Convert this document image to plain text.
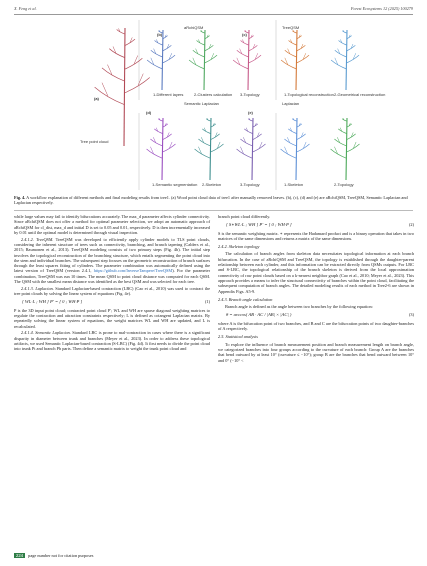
X. Feng et al.	Forest Ecosystems 12 (2025) 100279
(b)
aRchiQSM
(c)
TreeQSM
(a)
Semantic Laplacian	Laplacian
(d)	(e)
Tree point cloud
1-Different layers	2-Clusters calculation 3-Topology	1-Topological reconstruction 2-Geometrical reconstruction
1-Semantic segmentation 2-Skeleton	3-Topology	1-Skeleton	2-Topology
Fig. 4. A workflow explanation of different methods and final modeling results from tree1. (a) Wood point cloud data of tree1 after manually removed leaves. (b), (c), (d) and (e) are aRchiQSM, TreeQSM, Semantic Laplacian and Laplacian respectively.

while large values may fail to identify bifurcations accurately. The max_d parameter affects cylinder connectivity. Since aRchiQSM does not offer a method for optimal parameter selection, we adopt an automatic approach of aRchiQSM for cl_dist, max_d and initial D is set to 0.05 and 0.01, respectively. D is then incrementally increased by 0.01 until the optimal model is determined through visual inspection.

2.4.1.2. TreeQSM. TreeQSM was developed to efficiently apply cylinder models to TLS point clouds, considering the inherent structure of trees such as connectivity, branching, and branch tapering (Calders et al., 2015; Raumonen et al., 2013). TreeQSM modeling consists of two primary steps (Fig. 4b). The initial step involves the topological reconstruction of the branching structure, which entails segmenting the point cloud into the stem and individual branches. The subsequent step focuses on the geometric reconstruction of branch surfaces through the least squares fitting of cylinders. The parameter combination was automatically defined using the latest version of TreeQSM (version 2.4.1, https://github.com/InverseTampere/TreeQSM). For the parameter combination, TreeQSM was run 10 times. The mean QSM to point cloud distance was computed for each QSM. The QSM with the smallest mean distance was identified as the best QSM and was selected for each tree.

2.4.1.3. Laplacian. Standard Laplacian-based contraction (LBC) (Cao et al., 2010) was used to contract the tree point clouds by solving the linear system of equations (Fig. 4e).

[ WL·L ; WH ] P′ = [ 0 ; WH·P ]	(1)

P is the 3D input point cloud; contracted point cloud P′; WL and WH are sparse diagonal weighting matrices to regulate the contraction and attraction constraints respectively; L is defined as cotangent Laplacian matrix. By repeatedly solving the linear system of equations, the weight matrices WL and WH are updated, and L is recalculated.

2.4.1.4. Semantic Laplacian. Standard LBC is prone to mal-contraction in cases where there is a significant disparity in diameter between trunk and branches (Meyer et al., 2023). In order to address these topological artifacts, we used Semantic Laplacian-based contraction (S-LBC) (Fig. 4d). It first needs to divide the point cloud into trunk Pt and branch Pb parts. Then define a semantic matrix to weight the trunk point cloud and

branch point cloud differently.

[ S∗WL·L ; WH ] P′ = [ 0 ; WH·P ]	(2)

S is the semantic weighting matrix. ∗ represents the Hadamard product and is a binary operation that takes in two matrices of the same dimensions and returns a matrix of the same dimensions.

2.4.2. Skeleton topology

The calculation of branch angles from skeleton data necessitates topological information at each branch bifurcation. In the case of aRchiQSM and TreeQSM, the topology is established through the daughter-parent relationship between each cylinder, and this information can be extracted directly from QSMs outputs. For LBC and S-LBC, the topological relationship of the branch skeleton is derived from the local approximation connectivity of raw point clouds based on a k-nearest neighbor graph (Cao et al., 2010; Meyer et al., 2023). This approach provides a means to infer the structural connectivity of branches within the point cloud, facilitating the subsequent computation of branch angles. The detailed modeling results of each method in Tree2-6 are shown in Appendix Figs. A5-9.

2.4.3. Branch angle calculation

Branch angle is defined as the angle between two branches by the following equation:

θ = arccos( AB · AC / |AB| × |AC| )	(3)

where A is the bifurcation point of two branches, and B and C are the bifurcation points of two daughter-branches of A respectively.

2.5. Statistical analysis

To explore the influence of branch measurement position and branch measurement length on branch angle, we categorized branches into four groups according to the curvature of each branch: Group A are the branches that bend outward by at least 10° (curvature ≤ −10°); group B are the branches that bend outward between 10° and 0° (−10° <

224	page number not for citation purposes
